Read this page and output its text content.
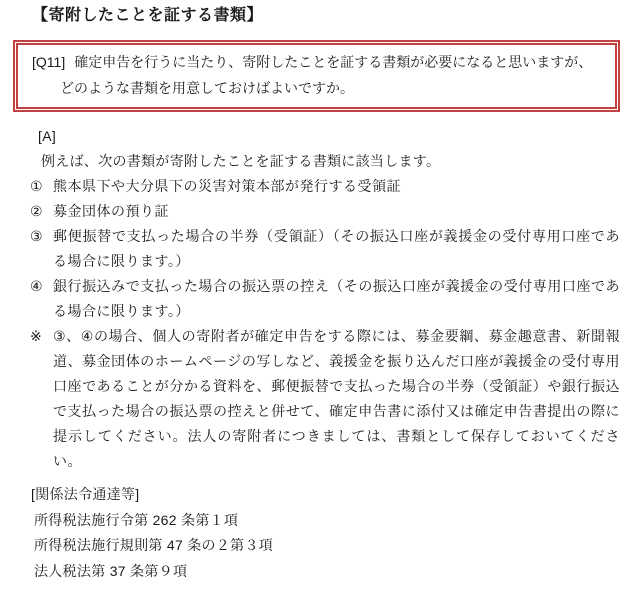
【寄附したことを証する書類】
[Q11] 確定申告を行うに当たり、寄附したことを証する書類が必要になると思いますが、
どのような書類を用意しておけばよいですか。
[A]
例えば、次の書類が寄附したことを証する書類に該当します。
① 熊本県下や大分県下の災害対策本部が発行する受領証
② 募金団体の預り証
③ 郵便振替で支払った場合の半券（受領証）（その振込口座が義援金の受付専用口座である場合に限ります。）
④ 銀行振込みで支払った場合の振込票の控え（その振込口座が義援金の受付専用口座である場合に限ります。）
※ ③、④の場合、個人の寄附者が確定申告をする際には、募金要綱、募金趣意書、新聞報道、募金団体のホームページの写しなど、義援金を振り込んだ口座が義援金の受付専用口座であることが分かる資料を、郵便振替で支払った場合の半券（受領証）や銀行振込で支払った場合の振込票の控えと併せて、確定申告書に添付又は確定申告書提出の際に提示してください。法人の寄附者につきましては、書類として保存しておいてください。
[関係法令通達等]
所得税法施行令第 262 条第１項
所得税法施行規則第 47 条の２第３項
法人税法第 37 条第９項
